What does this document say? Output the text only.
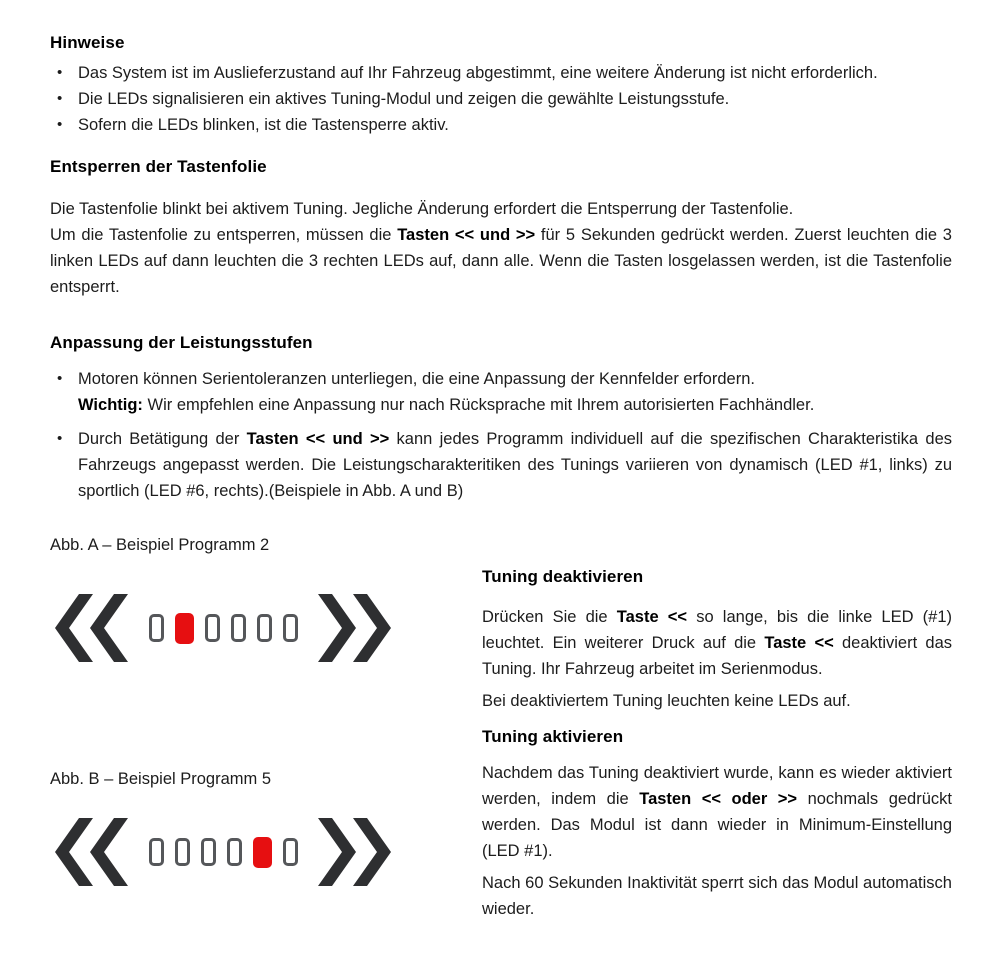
Hinweise
• Das System ist im Auslieferzustand auf Ihr Fahrzeug abgestimmt, eine weitere Änderung ist nicht erforderlich.

• Die LEDs signalisieren ein aktives Tuning-Modul und zeigen die gewählte Leistungsstufe.

• Sofern die LEDs blinken, ist die Tastensperre aktiv.

Entsperren der Tastenfolie

Die Tastenfolie blinkt bei aktivem Tuning. Jegliche Änderung erfordert die Entsperrung der Tastenfolie.

Um die Tastenfolie zu entsperren, müssen die Tasten << und >> für 5 Sekunden gedrückt werden. Zuerst leuchten die 3 linken LEDs auf dann leuchten die 3 rechten LEDs auf, dann alle. Wenn die Tasten losgelassen werden, ist die Tastenfolie entsperrt.

Anpassung der Leistungsstufen
• Motoren können Serientoleranzen unterliegen, die eine Anpassung der Kennfelder erfordern.

Wichtig: Wir empfehlen eine Anpassung nur nach Rücksprache mit Ihrem autorisierten Fachhändler.

• Durch Betätigung der Tasten << und >> kann jedes Programm individuell auf die spezifischen Charakteristika des Fahrzeugs angepasst werden. Die Leistungscharakteritiken des Tunings variieren von dynamisch (LED #1, links) zu sportlich (LED #6, rechts).(Beispiele in Abb. A und B)

Abb. A – Beispiel Programm 2

Abb. B – Beispiel Programm 5

Tuning deaktivieren

Drücken Sie die Taste << so lange, bis die linke LED (#1) leuchtet. Ein weiterer Druck auf die Taste << deaktiviert das Tuning. Ihr Fahrzeug arbeitet im Serienmodus.

Bei deaktiviertem Tuning leuchten keine LEDs auf.

Tuning aktivieren

Nachdem das Tuning deaktiviert wurde, kann es wieder aktiviert werden, indem die Tasten << oder >> nochmals gedrückt werden. Das Modul ist dann wieder in Minimum-Einstellung (LED #1).

Nach 60 Sekunden Inaktivität sperrt sich das Modul automatisch wieder.
